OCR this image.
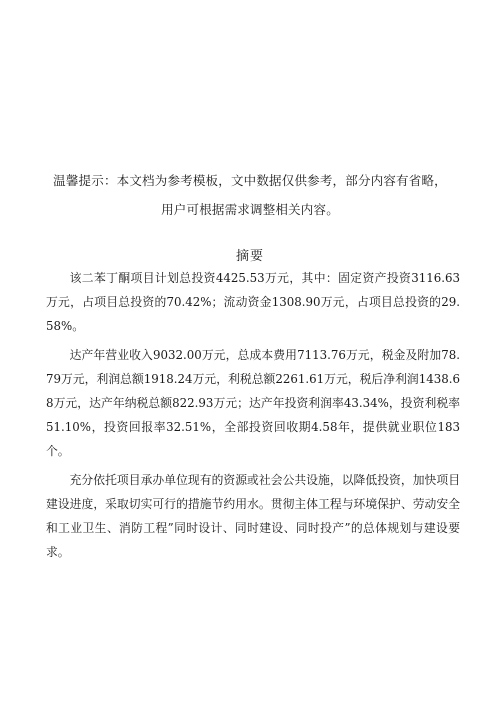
温馨提示：本文档为参考模板，文中数据仅供参考，部分内容有省略，
用户可根据需求调整相关内容。
摘要

该二苯丁酮项目计划总投资4425.53万元，其中：固定资产投资3116.63万元，占项目总投资的70.42%；流动资金1308.90万元，占项目总投资的29.58%。

达产年营业收入9032.00万元，总成本费用7113.76万元，税金及附加78.79万元，利润总额1918.24万元，利税总额2261.61万元，税后净利润1438.68万元，达产年纳税总额822.93万元；达产年投资利润率43.34%，投资利税率51.10%，投资回报率32.51%，全部投资回收期4.58年，提供就业职位183个。

充分依托项目承办单位现有的资源或社会公共设施，以降低投资，加快项目建设进度，采取切实可行的措施节约用水。贯彻主体工程与环境保护、劳动安全和工业卫生、消防工程”同时设计、同时建设、同时投产”的总体规划与建设要求。
